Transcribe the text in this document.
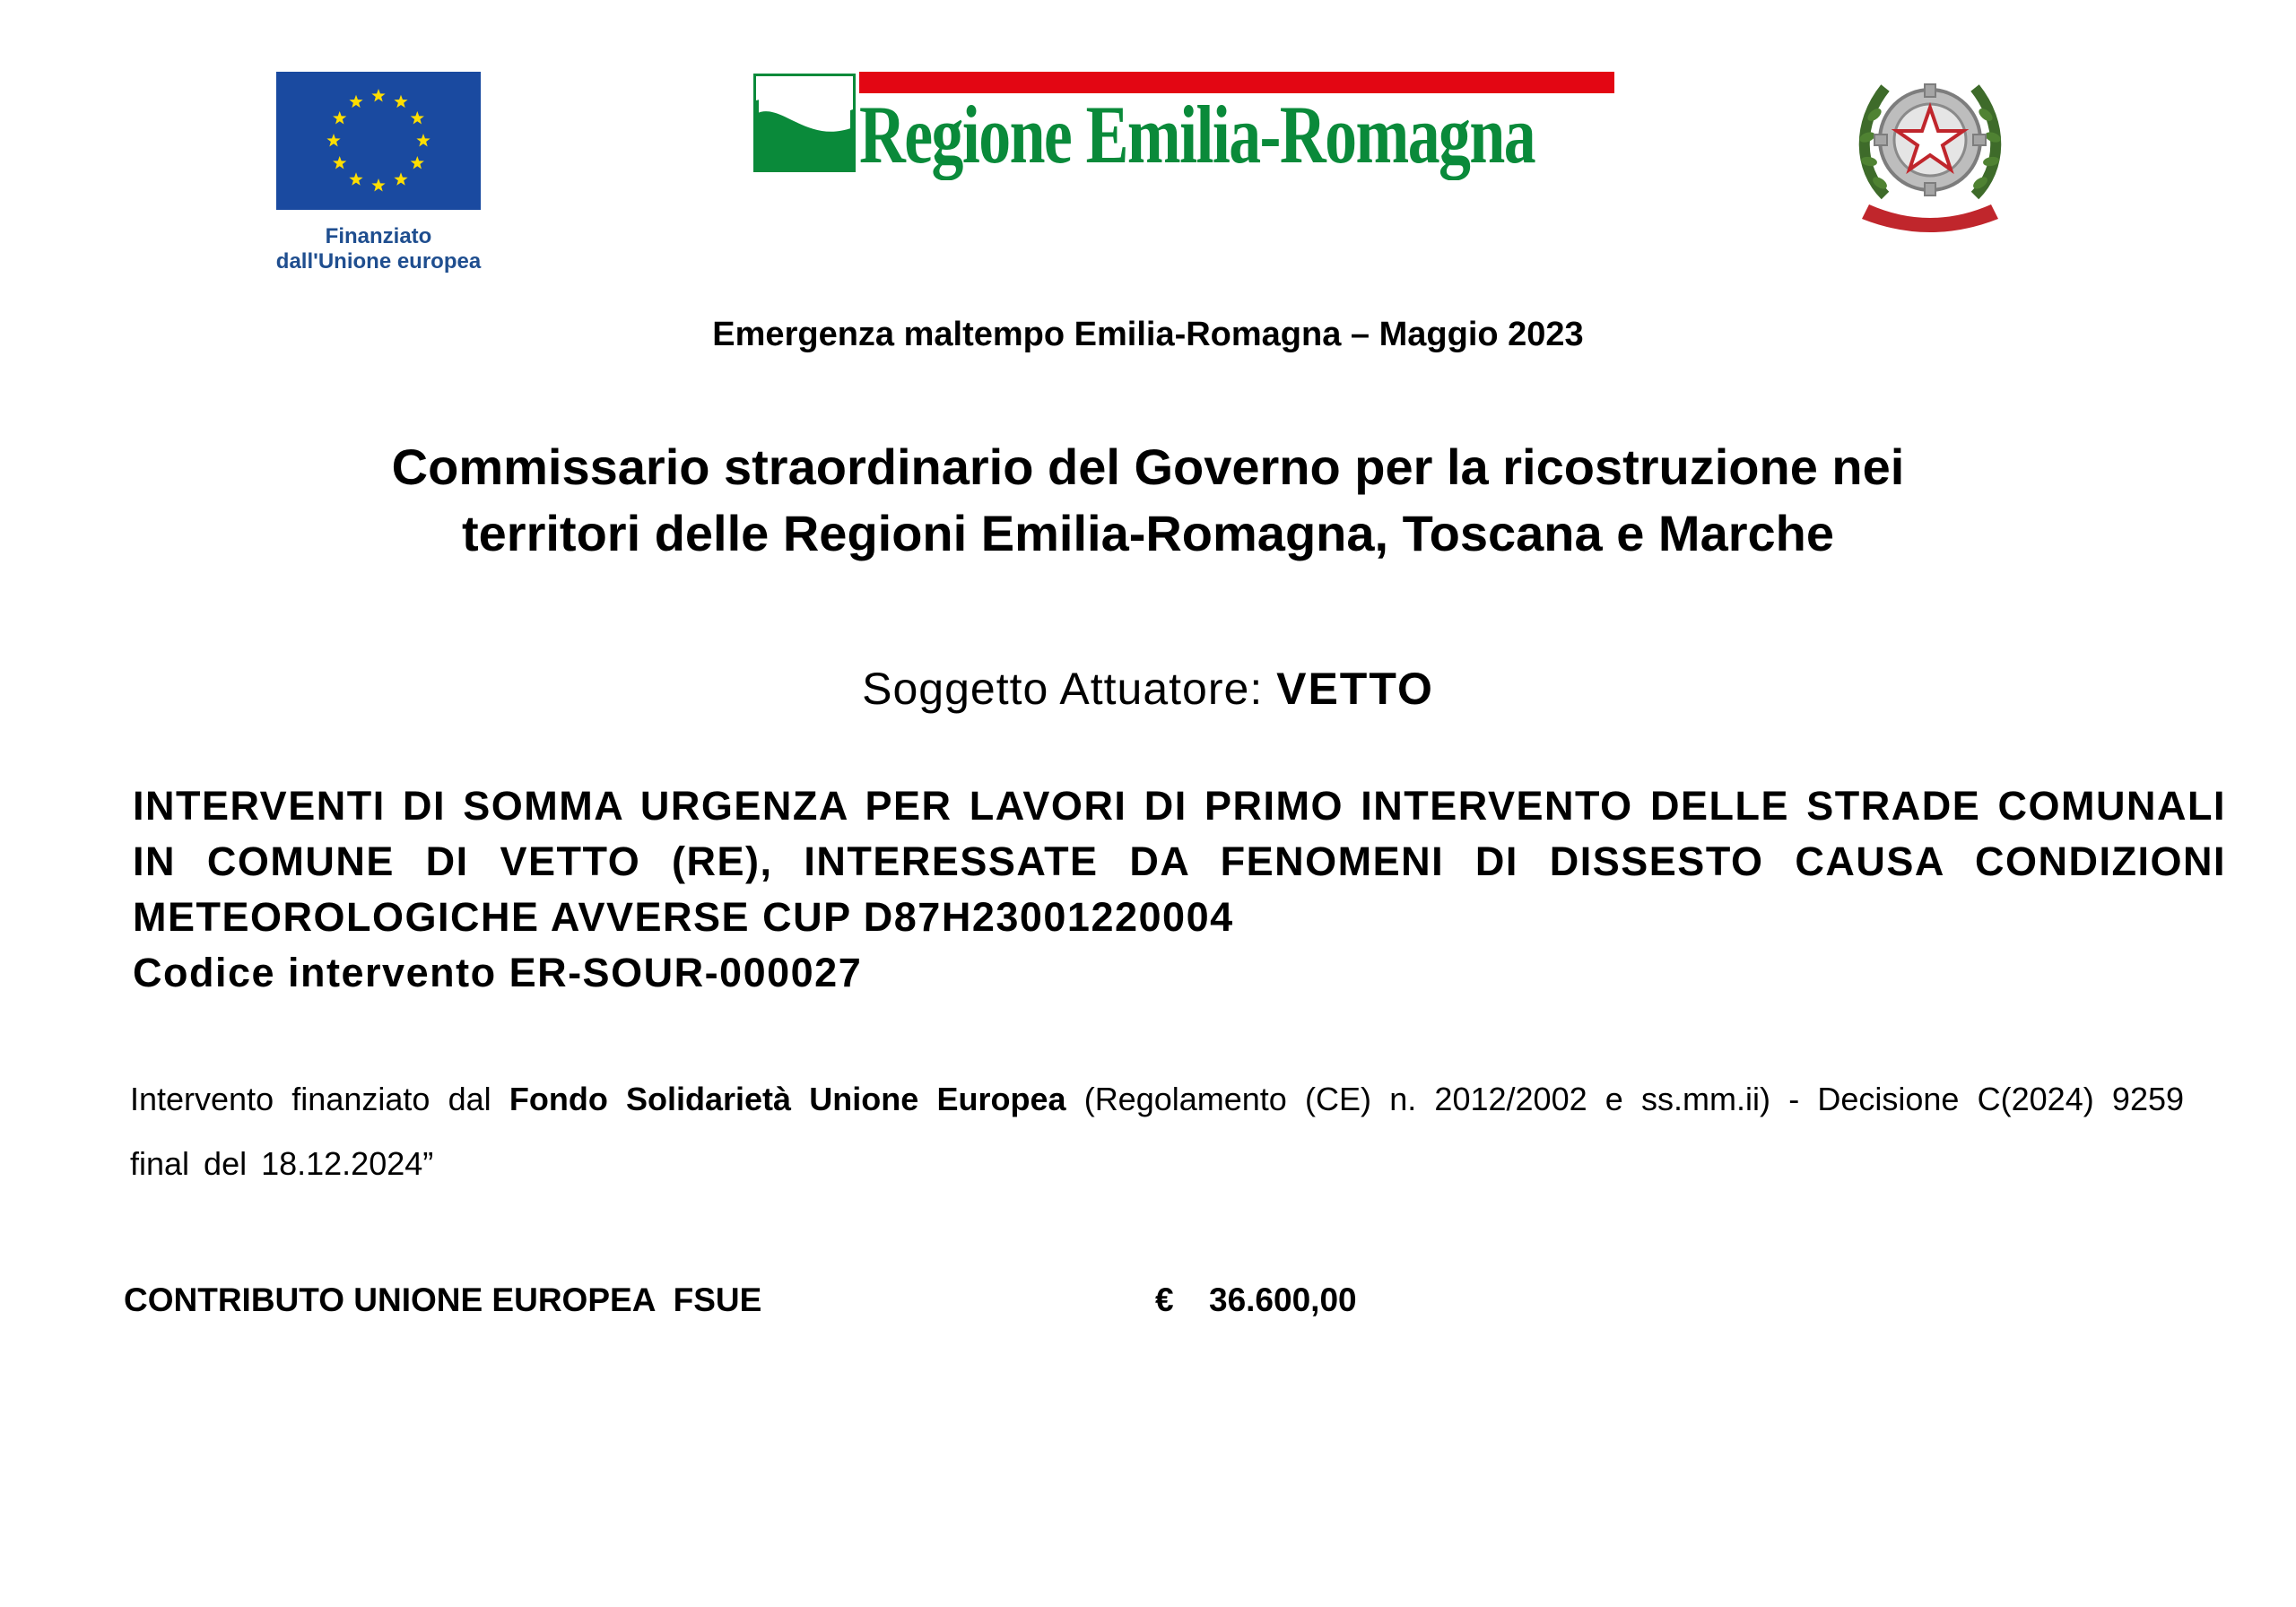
Finanziato
dall'Unione europea
Regione Emilia-Romagna
Emergenza maltempo Emilia-Romagna – Maggio 2023
Commissario straordinario del Governo per la ricostruzione nei
territori delle Regioni Emilia-Romagna, Toscana e Marche
Soggetto Attuatore: VETTO
INTERVENTI DI SOMMA URGENZA PER LAVORI DI PRIMO INTERVENTO DELLE STRADE COMUNALI IN COMUNE DI VETTO (RE), INTERESSATE DA FENOMENI DI DISSESTO CAUSA CONDIZIONI METEOROLOGICHE AVVERSE CUP D87H23001220004
Codice intervento ER-SOUR-000027
Intervento finanziato dal Fondo Solidarietà Unione Europea (Regolamento (CE) n. 2012/2002 e ss.mm.ii) - Decisione C(2024) 9259 final del 18.12.2024”
CONTRIBUTO UNIONE EUROPEA  FSUE	€ 36.600,00
